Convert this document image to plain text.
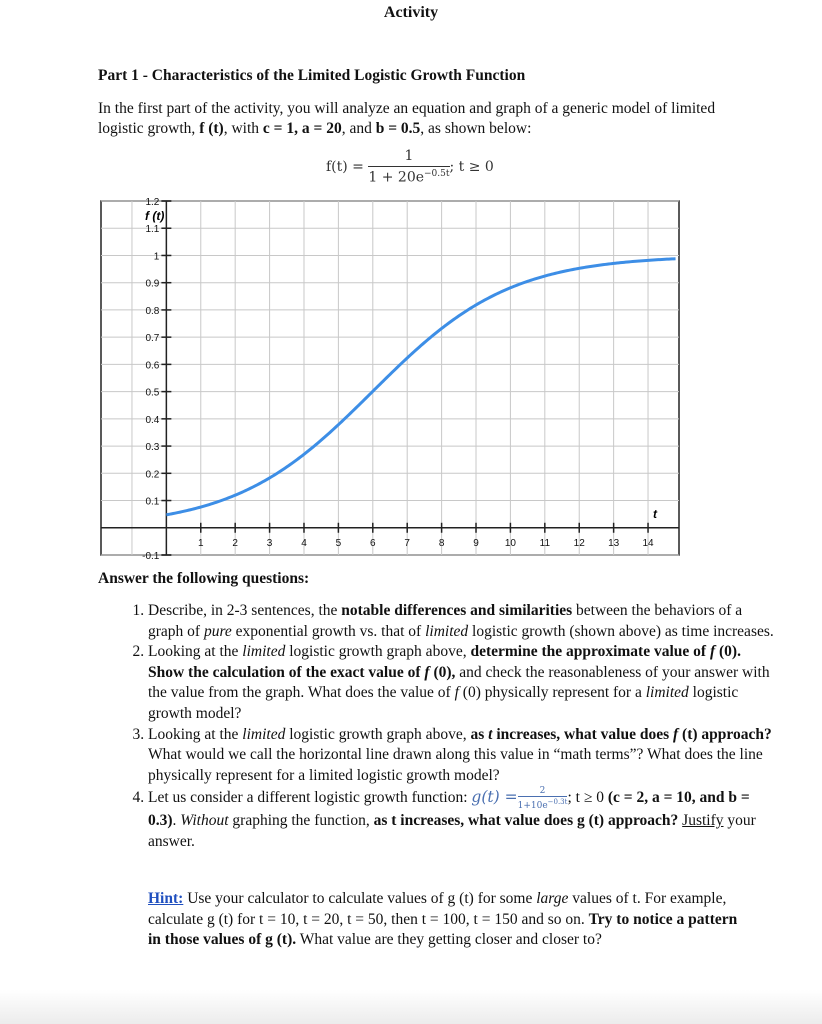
Activity
Part 1 - Characteristics of the Limited Logistic Growth Function
In the first part of the activity, you will analyze an equation and graph of a generic model of limited logistic growth, f (t), with c = 1, a = 20, and b = 0.5, as shown below:
$f(t) = \frac{1}{1 + 20e^{-0.5t}}$ ; t ≥ 0
1.2
1.1
1
0.9
0.8
0.7
0.6
0.5
0.4
0.3
0.2
0.1
-0.1
1	2	3	4	5	6	7	8	9	10 11 12 13 14
f (t)
t
Answer the following questions:
1. Describe, in 2-3 sentences, the notable differences and similarities between the behaviors of a graph of pure exponential growth vs. that of limited logistic growth (shown above) as time increases.
2. Looking at the limited logistic growth graph above, determine the approximate value of f (0). Show the calculation of the exact value of f (0), and check the reasonableness of your answer with the value from the graph. What does the value of f (0) physically represent for a limited logistic growth model?
3. Looking at the limited logistic growth graph above, as t increases, what value does f (t) approach? What would we call the horizontal line drawn along this value in “math terms”? What does the line physically represent for a limited logistic growth model?
4. Let us consider a different logistic growth function: $g(t) = \frac{2}{1+10e^{-0.3t}}$ ; t ≥ 0 (c = 2, a = 10, and b = 0.3). Without graphing the function, as t increases, what value does g (t) approach? Justify your answer.
Hint: Use your calculator to calculate values of g (t) for some large values of t. For example, calculate g (t) for t = 10, t = 20, t = 50, then t = 100, t = 150 and so on. Try to notice a pattern in those values of g (t). What value are they getting closer and closer to?
